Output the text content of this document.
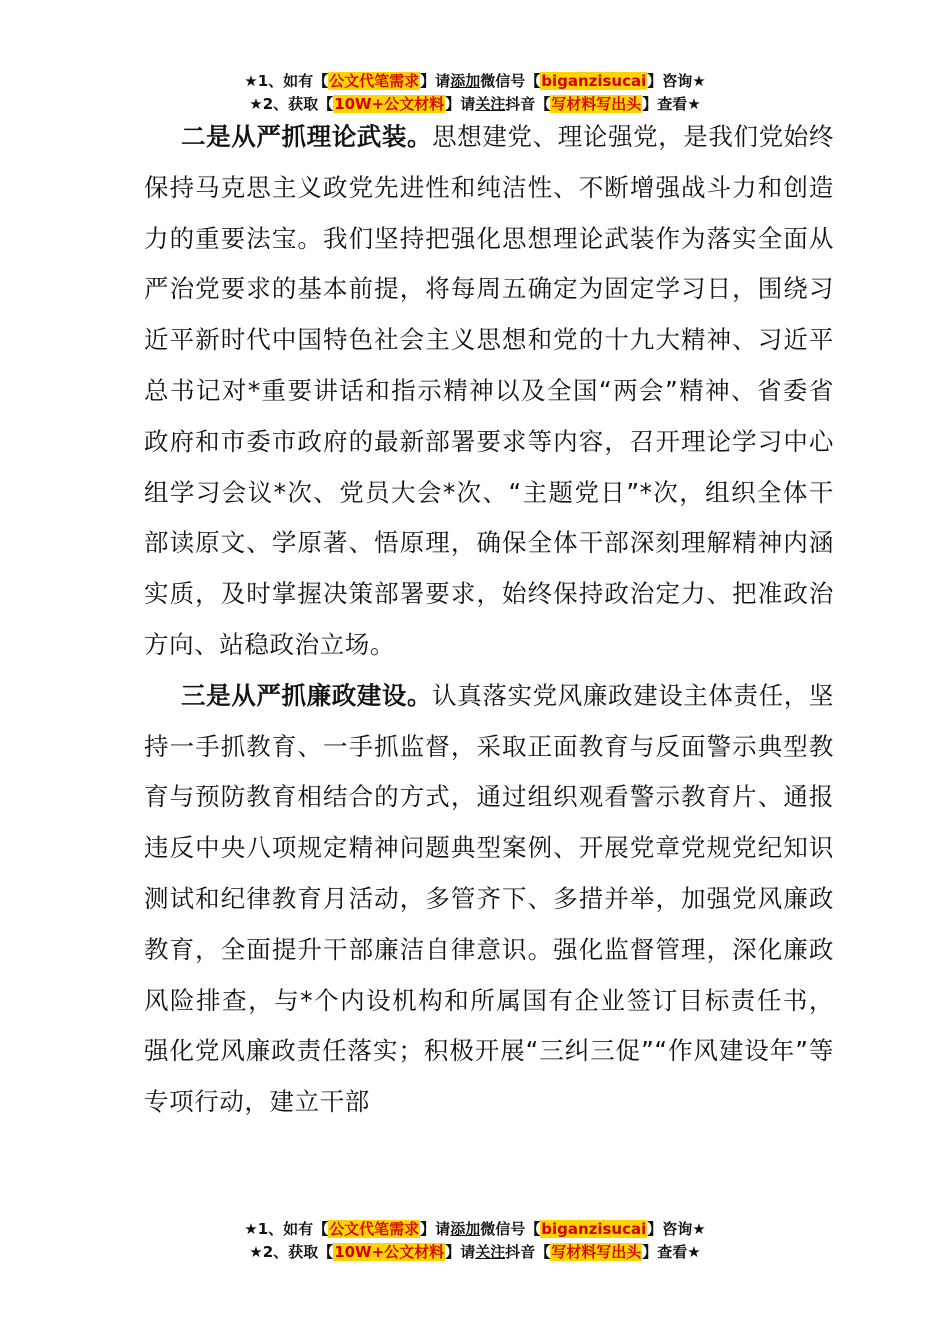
★1、如有【公文代笔需求】请添加微信号【biganzisucai】咨询★
★2、获取【10W+公文材料】请关注抖音【写材料写出头】查看★

二是从严抓理论武装。思想建党、理论强党，是我们党始终保持马克思主义政党先进性和纯洁性、不断增强战斗力和创造力的重要法宝。我们坚持把强化思想理论武装作为落实全面从严治党要求的基本前提，将每周五确定为固定学习日，围绕习近平新时代中国特色社会主义思想和党的十九大精神、习近平总书记对*重要讲话和指示精神以及全国“两会”精神、省委省政府和市委市政府的最新部署要求等内容，召开理论学习中心组学习会议*次、党员大会*次、“主题党日”*次，组织全体干部读原文、学原著、悟原理，确保全体干部深刻理解精神内涵实质，及时掌握决策部署要求，始终保持政治定力、把准政治方向、站稳政治立场。

三是从严抓廉政建设。认真落实党风廉政建设主体责任，坚持一手抓教育、一手抓监督，采取正面教育与反面警示典型教育与预防教育相结合的方式，通过组织观看警示教育片、通报违反中央八项规定精神问题典型案例、开展党章党规党纪知识测试和纪律教育月活动，多管齐下、多措并举，加强党风廉政教育，全面提升干部廉洁自律意识。强化监督管理，深化廉政风险排查，与*个内设机构和所属国有企业签订目标责任书，强化党风廉政责任落实；积极开展“三纠三促”“作风建设年”等专项行动，建立干部

★1、如有【公文代笔需求】请添加微信号【biganzisucai】咨询★
★2、获取【10W+公文材料】请关注抖音【写材料写出头】查看★
